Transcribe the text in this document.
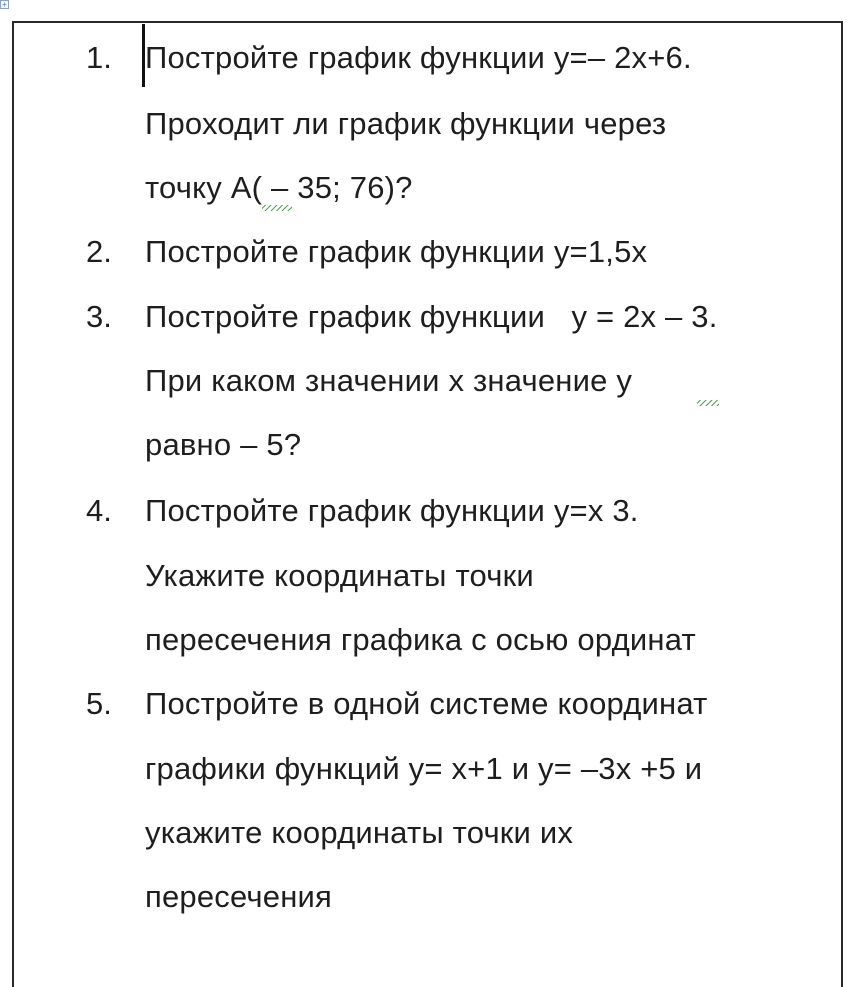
+
1. Постройте график функции y=– 2x+6.
Проходит ли график функции через
точку А( – 35; 76)?
2. Постройте график функции y=1,5x
3. Постройте график функции   y = 2x – 3.
При каком значении x значение y
равно – 5?
4. Постройте график функции y=x 3.
Укажите координаты точки
пересечения графика с осью ординат
5. Постройте в одной системе координат
графики функций y= x+1 и y= –3x +5 и
укажите координаты точки их
пересечения
